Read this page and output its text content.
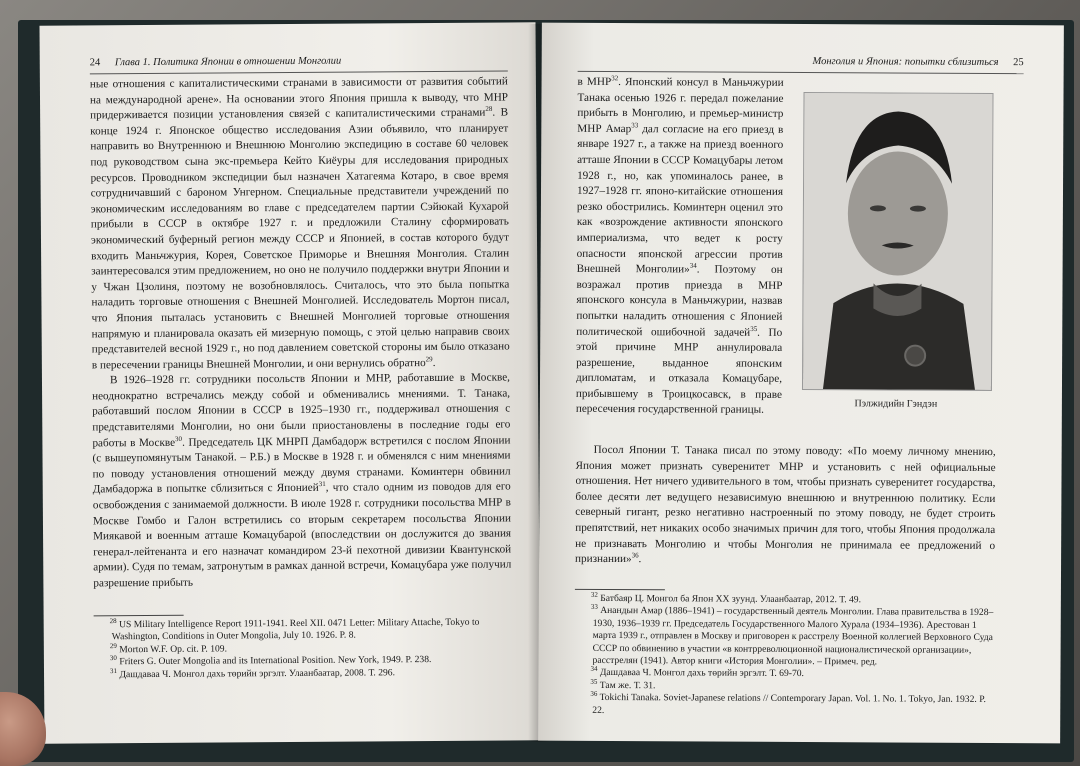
24 Глава 1. Политика Японии в отношении Монголии

ные отношения с капиталистическими странами в зависимости от развития событий на международной арене». На основании этого Япония пришла к выводу, что МНР придерживается позиции установления связей с капиталистическими странами$^{28}$. В конце 1924 г. Японское общество исследования Азии объявило, что планирует направить во Внутреннюю и Внешнюю Монголию экспедицию в составе 60 человек под руководством сына экс-премьера Кейто Киёуры для исследования природных ресурсов. Проводником экспедиции был назначен Хатагеяма Котаро, в свое время сотрудничавший с бароном Унгерном. Специальные представители учреждений по экономическим исследованиям во главе с председателем партии Сэйюкай Кухарой прибыли в СССР в октябре 1927 г. и предложили Сталину сформировать экономический буферный регион между СССР и Японией, в состав которого будут входить Маньчжурия, Корея, Советское Приморье и Внешняя Монголия. Сталин заинтересовался этим предложением, но оно не получило поддержки внутри Японии и у Чжан Цзолиня, поэтому не возобновлялось. Считалось, что это была попытка наладить торговые отношения с Внешней Монголией. Исследователь Мортон писал, что Япония пыталась установить с Внешней Монголией торговые отношения напрямую и планировала оказать ей мизерную помощь, с этой целью направив своих представителей весной 1929 г., но под давлением советской стороны им было отказано в пересечении границы Внешней Монголии, и они вернулись обратно$^{29}$.

В 1926–1928 гг. сотрудники посольств Японии и МНР, работавшие в Москве, неоднократно встречались между собой и обменивались мнениями. Т. Танака, работавший послом Японии в СССР в 1925–1930 гг., поддерживал отношения с представителями Монголии, но они были приостановлены в последние годы его работы в Москве$^{30}$. Председатель ЦК МНРП Дамбадорж встретился с послом Японии (с вышеупомянутым Танакой. – Р.Б.) в Москве в 1928 г. и обменялся с ним мнениями по поводу установления отношений между двумя странами. Коминтерн обвинил Дамбадоржа в попытке сблизиться с Японией$^{31}$, что стало одним из поводов для его освобождения с занимаемой должности. В июле 1928 г. сотрудники посольства МНР в Москве Гомбо и Галон встретились со вторым секретарем посольства Японии Миякавой и военным атташе Комацубарой (впоследствии он дослужится до звания генерал-лейтенанта и его назначат командиром 23-й пехотной дивизии Квантунской армии). Судя по темам, затронутым в рамках данной встречи, Комацубара уже получил разрешение прибыть

$^{28}$ US Military Intelligence Report 1911-1941. Reel XII. 0471 Letter: Military Attache, Tokyo to Washington, Conditions in Outer Mongolia, July 10. 1926. P. 8.

$^{29}$ Morton W.F. Op. cit. P. 109.

$^{30}$ Friters G. Outer Mongolia and its International Position. New York, 1949. P. 238.

$^{31}$ Дашдаваа Ч. Монгол дахь төрийн эргэлт. Улаанбаатар, 2008. Т. 296.

Монголия и Япония: попытки сблизиться 25

в МНР$^{32}$. Японский консул в Маньчжурии Танака осенью 1926 г. передал пожелание прибыть в Монголию, и премьер-министр МНР Амар$^{33}$ дал согласие на его приезд в январе 1927 г., а также на приезд военного атташе Японии в СССР Комацубары летом 1928 г., но, как упоминалось ранее, в 1927–1928 гг. японо-китайские отношения резко обострились. Коминтерн оценил это как «возрождение активности японского империализма, что ведет к росту опасности японской агрессии против Внешней Монголии»$^{34}$. Поэтому он возражал против приезда в МНР японского консула в Маньчжурии, назвав попытки наладить отношения с Японией политической ошибочной задачей$^{35}$. По этой причине МНР аннулировала разрешение, выданное японским дипломатам, и отказала Комацубаре, прибывшему в Троицкосавск, в праве пересечения государственной границы.	Пэлжидийн Гэндэн

Посол Японии Т. Танака писал по этому поводу: «По моему личному мнению, Япония может признать суверенитет МНР и установить с ней официальные отношения. Нет ничего удивительного в том, чтобы признать суверенитет государства, более десяти лет ведущего независимую внешнюю и внутреннюю политику. Если северный гигант, резко негативно настроенный по этому поводу, не будет строить препятствий, нет никаких особо значимых причин для того, чтобы Япония продолжала не признавать Монголию и чтобы Монголия не принимала ее предложений о признании»$^{36}$.

$^{32}$ Батбаяр Ц. Монгол ба Япон XX зуунд. Улаанбаатар, 2012. Т. 49.

$^{33}$ Анандын Амар (1886–1941) – государственный деятель Монголии. Глава правительства в 1928–1930, 1936–1939 гг. Председатель Государственного Малого Хурала (1934–1936). Арестован 1 марта 1939 г., отправлен в Москву и приговорен к расстрелу Военной коллегией Верховного Суда СССР по обвинению в участии «в контрреволюционной националистической организации», расстрелян (1941). Автор книги «История Монголии». – Примеч. ред.

$^{34}$ Дашдаваа Ч. Монгол дахь төрийн эргэлт. Т. 69-70.

$^{35}$ Там же. Т. 31.

$^{36}$ Tokichi Tanaka. Soviet-Japanese relations // Contemporary Japan. Vol. 1. No. 1. Tokyo, Jan. 1932. P. 22.
